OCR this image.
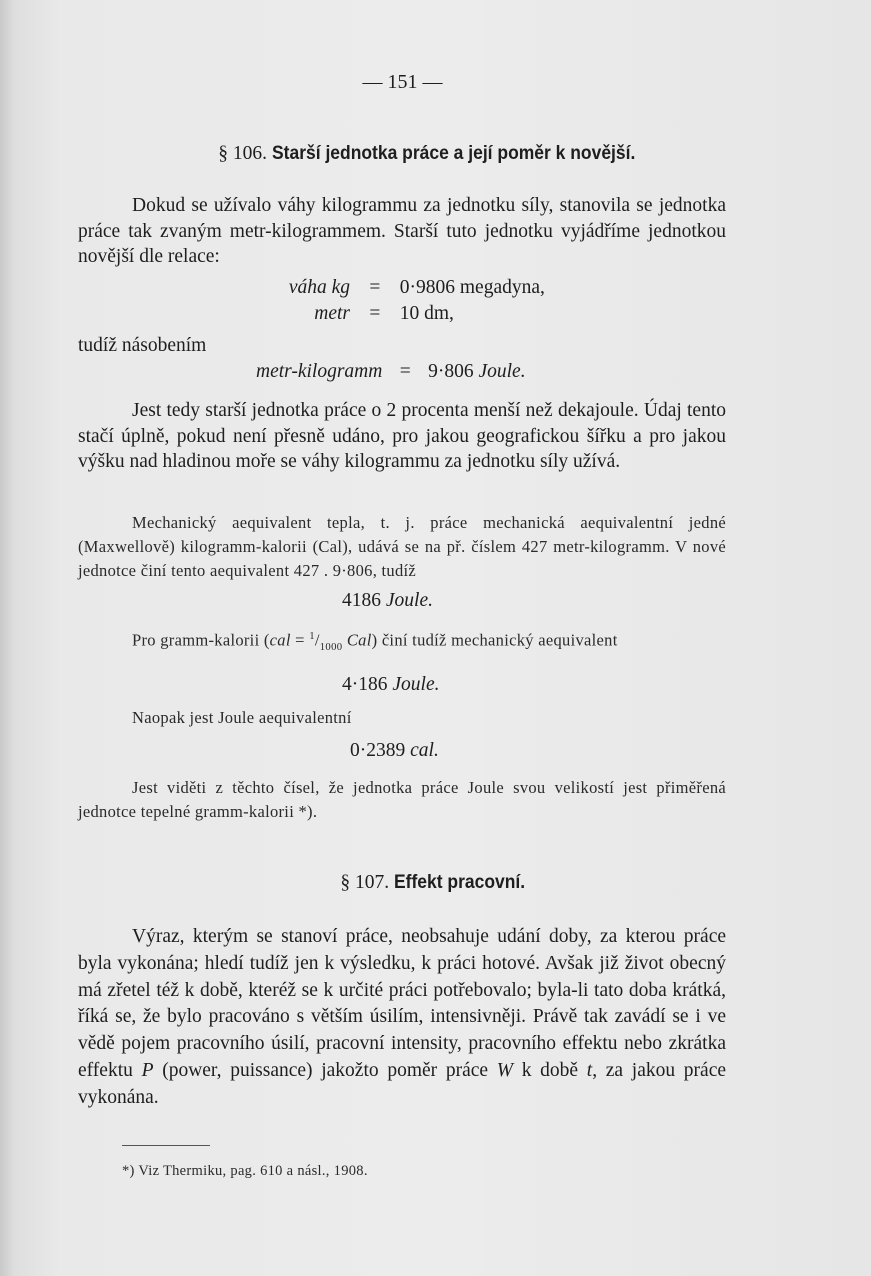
— 151 —
§ 106. Starší jednotka práce a její poměr k novější.

Dokud se užívalo váhy kilogrammu za jednotku síly, stanovila se jednotka práce tak zvaným metr-kilogrammem. Starší tuto jednotku vyjádříme jednotkou novější dle relace:

váha kg = 0·9806 megadyna,
metr = 10 dm,
tudíž násobením
metr-kilogramm = 9·806 Joule.

Jest tedy starší jednotka práce o 2 procenta menší než dekajoule. Údaj tento stačí úplně, pokud není přesně udáno, pro jakou geografickou šířku a pro jakou výšku nad hladinou moře se váhy kilogrammu za jednotku síly užívá.

Mechanický aequivalent tepla, t. j. práce mechanická aequivalentní jedné (Maxwellově) kilogramm-kalorii (Cal), udává se na př. číslem 427 metr-kilogramm. V nové jednotce činí tento aequivalent 427 . 9·806, tudíž

4186 Joule.

Pro gramm-kalorii ($cal = ^1/_{1000}$ Cal) činí tudíž mechanický aequivalent

4·186 Joule.

Naopak jest Joule aequivalentní

0·2389 cal.

Jest viděti z těchto čísel, že jednotka práce Joule svou velikostí jest přiměřená jednotce tepelné gramm-kalorii *).

§ 107. Effekt pracovní.

Výraz, kterým se stanoví práce, neobsahuje udání doby, za kterou práce byla vykonána; hledí tudíž jen k výsledku, k práci hotové. Avšak již život obecný má zřetel též k době, kteréž se k určité práci potřebovalo; byla-li tato doba krátká, říká se, že bylo pracováno s větším úsilím, intensivněji. Právě tak zavádí se i ve vědě pojem pracovního úsilí, pracovní intensity, pracovního effektu nebo zkrátka effektu P (power, puissance) jakožto poměr práce W k době t, za jakou práce vykonána.

*) Viz Thermiku, pag. 610 a násl., 1908.
